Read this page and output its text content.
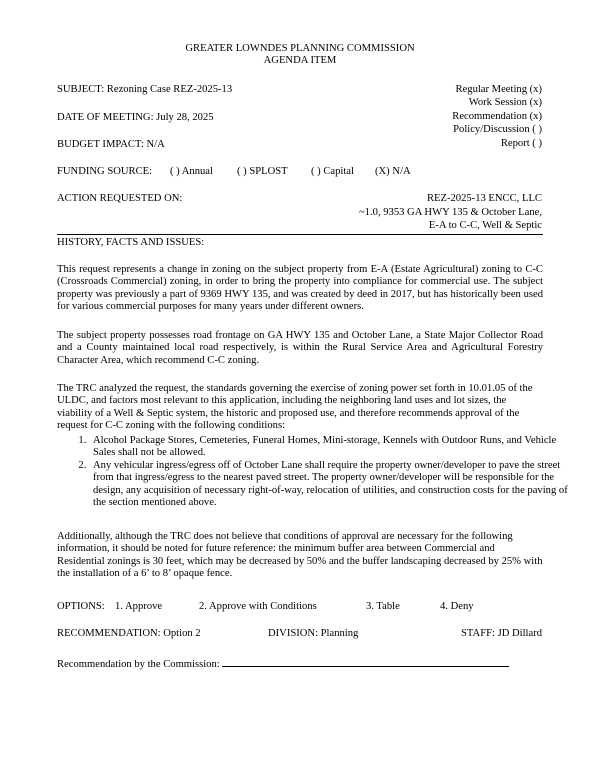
GREATER LOWNDES PLANNING COMMISSION
AGENDA ITEM
SUBJECT: Rezoning Case REZ-2025-13
DATE OF MEETING: July 28, 2025
BUDGET IMPACT: N/A
Regular Meeting (x)
Work Session (x)
Recommendation (x)
Policy/Discussion ( )
Report ( )
FUNDING SOURCE: ( ) Annual ( ) SPLOST ( ) Capital (X) N/A
ACTION REQUESTED ON:	REZ-2025-13 ENCC, LLC
~1.0, 9353 GA HWY 135 & October Lane,
E-A to C-C, Well & Septic
HISTORY, FACTS AND ISSUES:
This request represents a change in zoning on the subject property from E-A (Estate Agricultural) zoning to C-C (Crossroads Commercial) zoning, in order to bring the property into compliance for commercial use. The subject property was previously a part of 9369 HWY 135, and was created by deed in 2017, but has historically been used for various commercial purposes for many years under different owners.
The subject property possesses road frontage on GA HWY 135 and October Lane, a State Major Collector Road and a County maintained local road respectively, is within the Rural Service Area and Agricultural Forestry Character Area, which recommend C-C zoning.
The TRC analyzed the request, the standards governing the exercise of zoning power set forth in 10.01.05 of the ULDC, and factors most relevant to this application, including the neighboring land uses and lot sizes, the viability of a Well & Septic system, the historic and proposed use, and therefore recommends approval of the request for C-C zoning with the following conditions:
1. Alcohol Package Stores, Cemeteries, Funeral Homes, Mini-storage, Kennels with Outdoor Runs, and Vehicle Sales shall not be allowed.
2. Any vehicular ingress/egress off of October Lane shall require the property owner/developer to pave the street from that ingress/egress to the nearest paved street. The property owner/developer will be responsible for the design, any acquisition of necessary right-of-way, relocation of utilities, and construction costs for the paving of the section mentioned above.
Additionally, although the TRC does not believe that conditions of approval are necessary for the following information, it should be noted for future reference: the minimum buffer area between Commercial and Residential zonings is 30 feet, which may be decreased by 50% and the buffer landscaping decreased by 25% with the installation of a 6’ to 8’ opaque fence.
OPTIONS: 1. Approve	2. Approve with Conditions	3. Table	4. Deny
RECOMMENDATION: Option 2	DIVISION: Planning	STAFF: JD Dillard
Recommendation by the Commission:
